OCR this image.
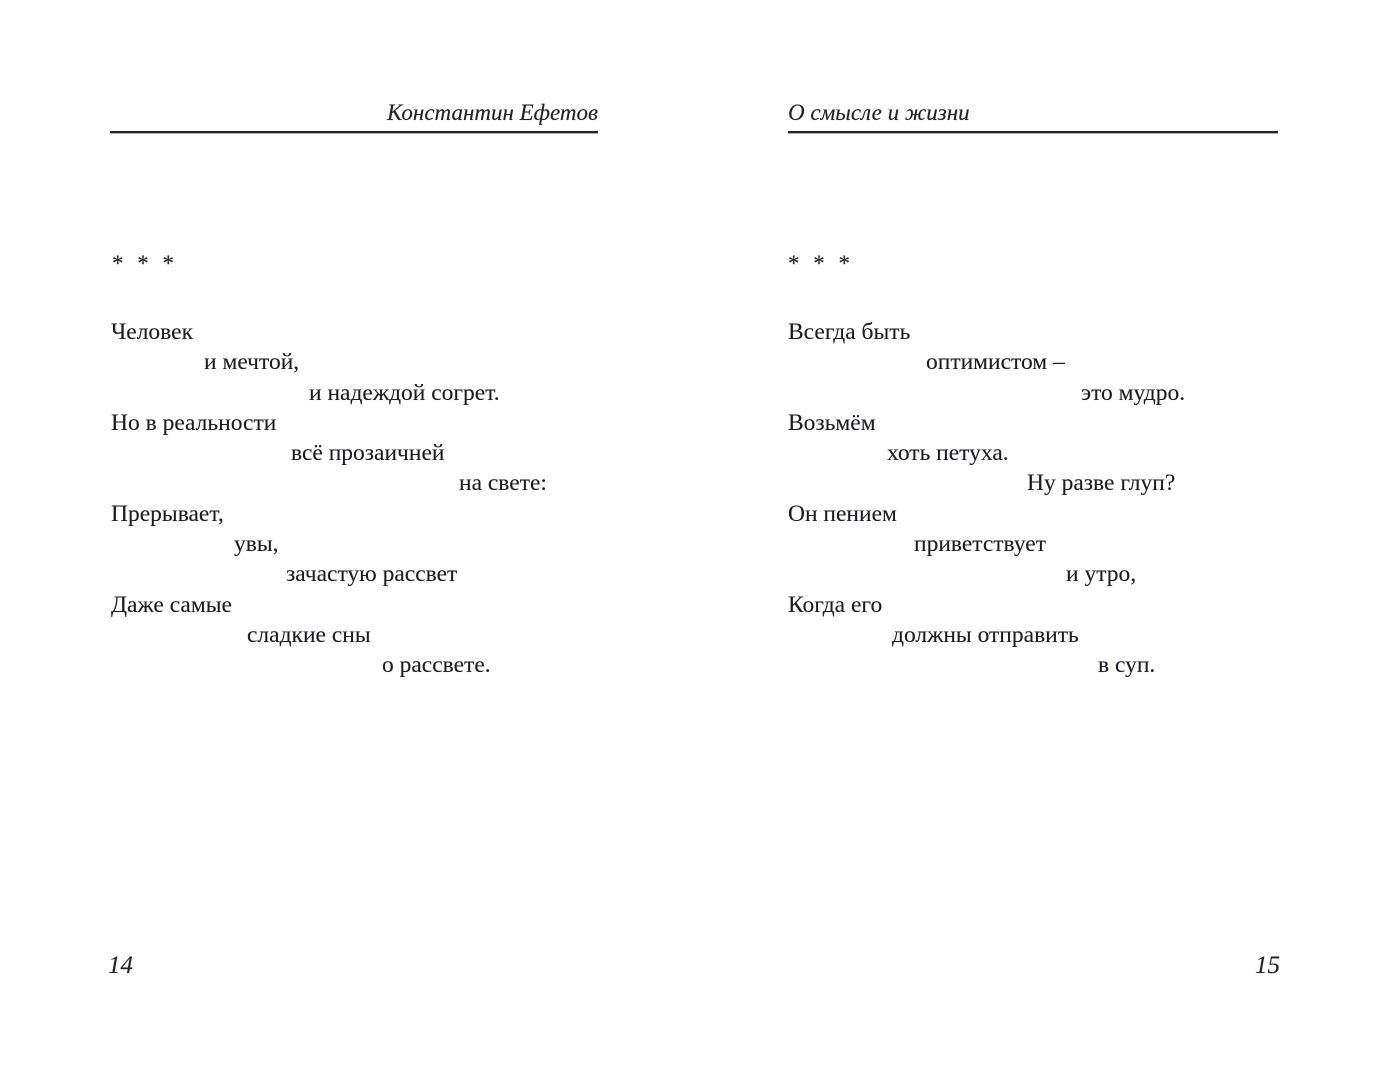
Константин Ефетов
* * *
Человек
и мечтой,
и надеждой согрет.
Но в реальности
всё прозаичней
на свете:
Прерывает,
увы,
зачастую рассвет
Даже самые
сладкие сны
о рассвете.
14
О смысле и жизни
* * *
Всегда быть
оптимистом –
это мудро.
Возьмём
хоть петуха.
Ну разве глуп?
Он пением
приветствует
и утро,
Когда его
должны отправить
в суп.
15
